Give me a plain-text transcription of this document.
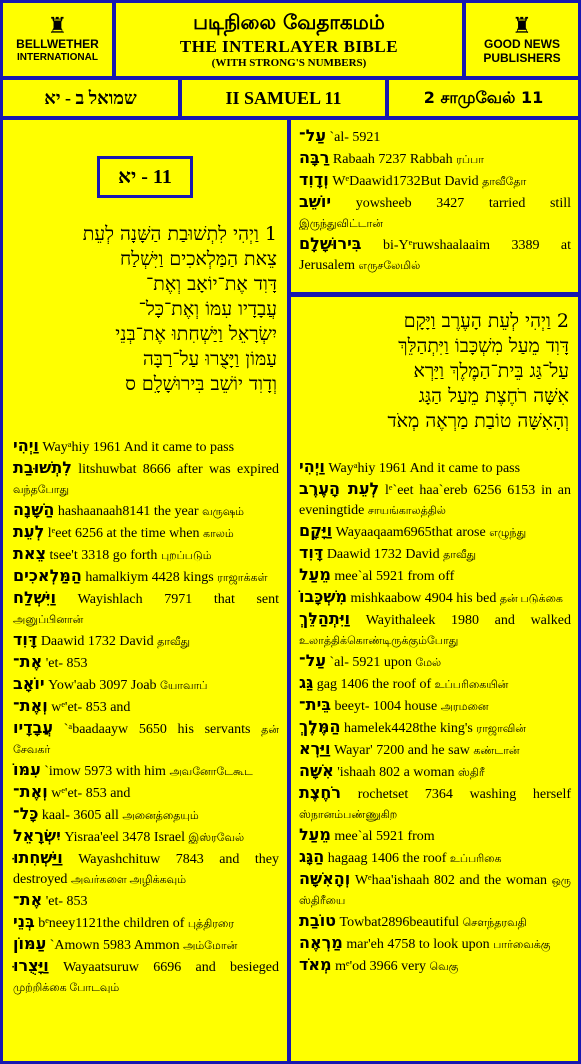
♜
BELLWETHER
INTERNATIONAL
படிநிலை வேதாகமம்
THE INTERLAYER BIBLE
(WITH STRONG'S NUMBERS)
♜
GOOD NEWS
PUBLISHERS
שמואל ב - יא	II SAMUEL 11	2 சாமுவேல் 11
11 - יא
1 וַיְהִי לִתְשׁוּבַת הַשָּׁנָה לְעֵת
צֵאת הַמַּלְאכִים וַיִּשְׁלַח
דָּוִד אֶת־יוֹאָב וְאֶת־
עֲבָדָיו עִמּוֹ וְאֶת־כָּל־
יִשְׂרָאֵל וַיַּשְׁחִתוּ אֶת־בְּנֵי
עַמּוֹן וַיָּצֻרוּ עַל־רַבָּה
וְדָוִד יוֹשֵׁב בִּירוּשָׁלִָם ס
וַיְהִי Wayᵃhiy 1961 And it came to pass
לִתְשׁוּבַת litshuwbat 8666 after was expired வந்தபோது
הַשָּׁנָה hashaanaah8141 the year வருஷம்
לְעֵת lᵉeet 6256 at the time when காலம்
צֵאת tsee't 3318 go forth புறப்படும்
הַמַּלְאכִים hamalkiym 4428 kings ராஜாக்கள்
וַיִּשְׁלַח Wayishlach 7971 that sent அனுப்பினான்
דָּוִד Daawid 1732 David தாவீது
אֶת־ 'et- 853
יוֹאָב Yow'aab 3097 Joab யோவாப்
וְאֶת־ wᵉ'et- 853 and
עֲבָדָיו `ᵃbaadaayw 5650 his servants தன் சேவகர்
עִמּוֹ `imow 5973 with him அவனோடேகூட
וְאֶת־ wᵉ'et- 853 and
כָּל־ kaal- 3605 all அனைத்தையும்
יִשְׂרָאֵל Yisraa'eel 3478 Israel இஸ்ரவேல்
וַיַּשְׁחִתוּ Wayashchituw 7843 and they destroyed அவர்களை அழிக்கவும்
אֶת־ 'et- 853
בְּנֵי bᵉneey1121the children of புத்திரரை
עַמּוֹן `Amown 5983 Ammon அம்மோன்
וַיָּצֻרוּ Wayaatsuruw 6696 and besieged முற்றிக்கை போடவும்
עַל־ `al- 5921
רַבָּה Rabaah 7237 Rabbah ரப்பா
וְדָוִד WᵉDaawid1732But David தாவீதோ
יוֹשֵׁב yowsheeb 3427 tarried still இருந்துவிட்டான்
בִּירוּשָׁלִָם bi-Yᵉruwshaalaaim 3389 at Jerusalem எருசலேமில்
2 וַיְהִי לְעֵת הָעֶרֶב וַיָּקָם
דָּוִד מֵעַל מִשְׁכָּבוֹ וַיִּתְהַלֵּךְ
עַל־גַּג בֵּית־הַמֶּלֶךְ וַיַּרְא
אִשָּׁה רֹחֶצֶת מֵעַל הַגָּג
וְהָאִשָּׁה טוֹבַת מַרְאֶה מְאֹד
וַיְהִי Wayᵃhiy 1961 And it came to pass
לְעֵת הָעֶרֶב lᵉ`eet haa`ereb 6256 6153 in an eveningtide சாயங்காலத்தில்
וַיָּקָם Wayaaqaam6965that arose எழுந்து
דָּוִד Daawid 1732 David தாவீது
מֵעַל mee`al 5921 from off
מִשְׁכָּבוֹ mishkaabow 4904 his bed தன் படுக்கை
וַיִּתְהַלֵּךְ Wayithaleek 1980 and walked உலாத்திக்கொண்டிருக்கும்போது
עַל־ `al- 5921 upon மேல்
גַּג gag 1406 the roof of உப்பரிகையின்
בֵּית־ beeyt- 1004 house அரமனை
הַמֶּלֶךְ hamelek4428the king's ராஜாவின்
וַיַּרְא Wayar' 7200 and he saw கண்டான்
אִשָּׁה 'ishaah 802 a woman ஸ்திரீ
רֹחֶצֶת rochetset 7364 washing herself ஸ்நானம்பண்ணுகிற
מֵעַל mee`al 5921 from
הַגָּג hagaag 1406 the roof உப்பரிகை
וְהָאִשָּׁה Wᵉhaa'ishaah 802 and the woman ஒரு ஸ்திரீயை
טוֹבַת Towbat2896beautiful சௌந்தரவதி
מַרְאֶה mar'eh 4758 to look upon பார்வைக்கு
מְאֹד mᵉ'od 3966 very வெகு
